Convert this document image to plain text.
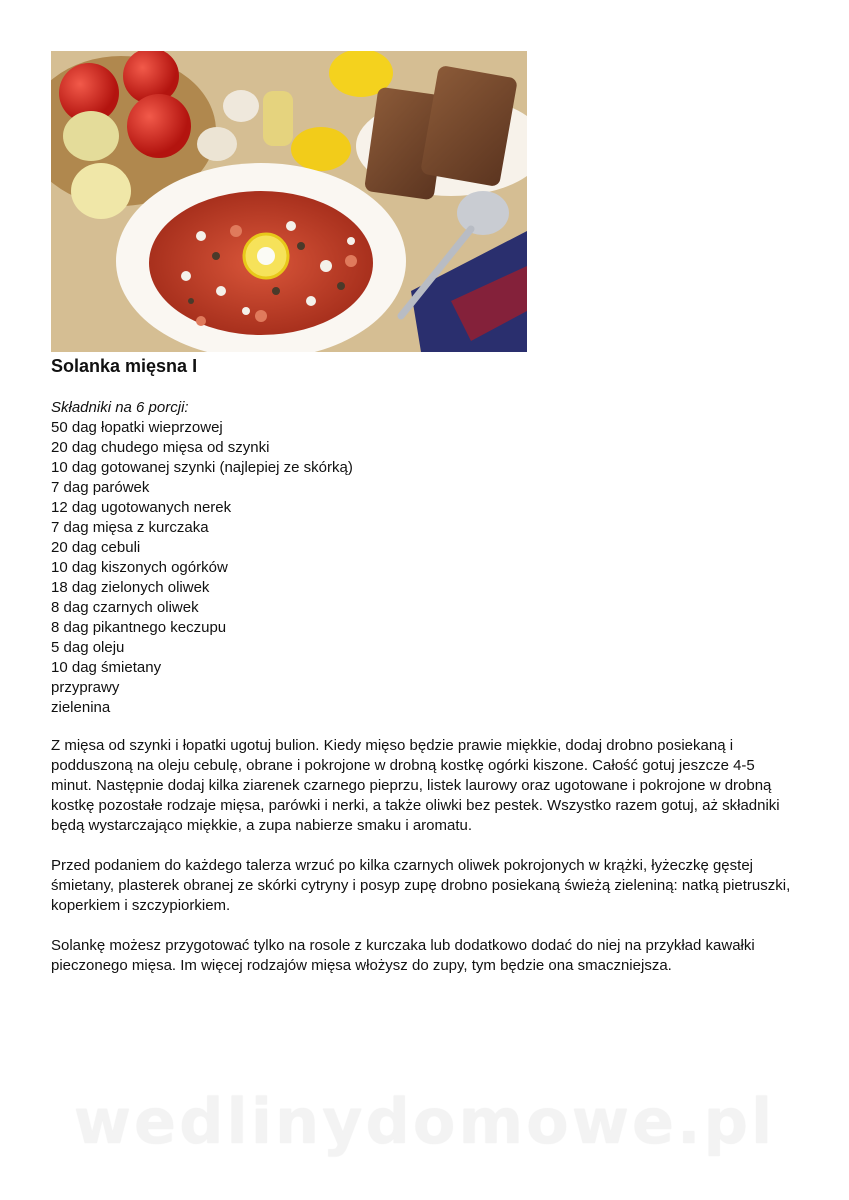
Solanka mięsna I
Składniki na 6 porcji:
50 dag łopatki wieprzowej
20 dag chudego mięsa od szynki
10 dag gotowanej szynki (najlepiej ze skórką)
7 dag parówek
12 dag ugotowanych nerek
7 dag mięsa z kurczaka
20 dag cebuli
10 dag kiszonych ogórków
18 dag zielonych oliwek
8 dag czarnych oliwek
8 dag pikantnego keczupu
5 dag oleju
10 dag śmietany
przyprawy
zielenina

Z mięsa od szynki i łopatki ugotuj bulion. Kiedy mięso będzie prawie miękkie, dodaj drobno posiekaną i podduszoną na oleju cebulę, obrane i pokrojone w drobną kostkę ogórki kiszone. Całość gotuj jeszcze 4-5 minut. Następnie dodaj kilka ziarenek czarnego pieprzu, listek laurowy oraz ugotowane i pokrojone w drobną kostkę pozostałe rodzaje mięsa, parówki i nerki, a także oliwki bez pestek. Wszystko razem gotuj, aż składniki będą wystarczająco miękkie, a zupa nabierze smaku i aromatu.

Przed podaniem do każdego talerza wrzuć po kilka czarnych oliwek pokrojonych w krążki, łyżeczkę gęstej śmietany, plasterek obranej ze skórki cytryny i posyp zupę drobno posiekaną świeżą zieleniną: natką pietruszki, koperkiem i szczypiorkiem.

Solankę możesz przygotować tylko na rosole z kurczaka lub dodatkowo dodać do niej na przykład kawałki pieczonego mięsa. Im więcej rodzajów mięsa włożysz do zupy, tym będzie ona smaczniejsza.

wedlinydomowe.pl
